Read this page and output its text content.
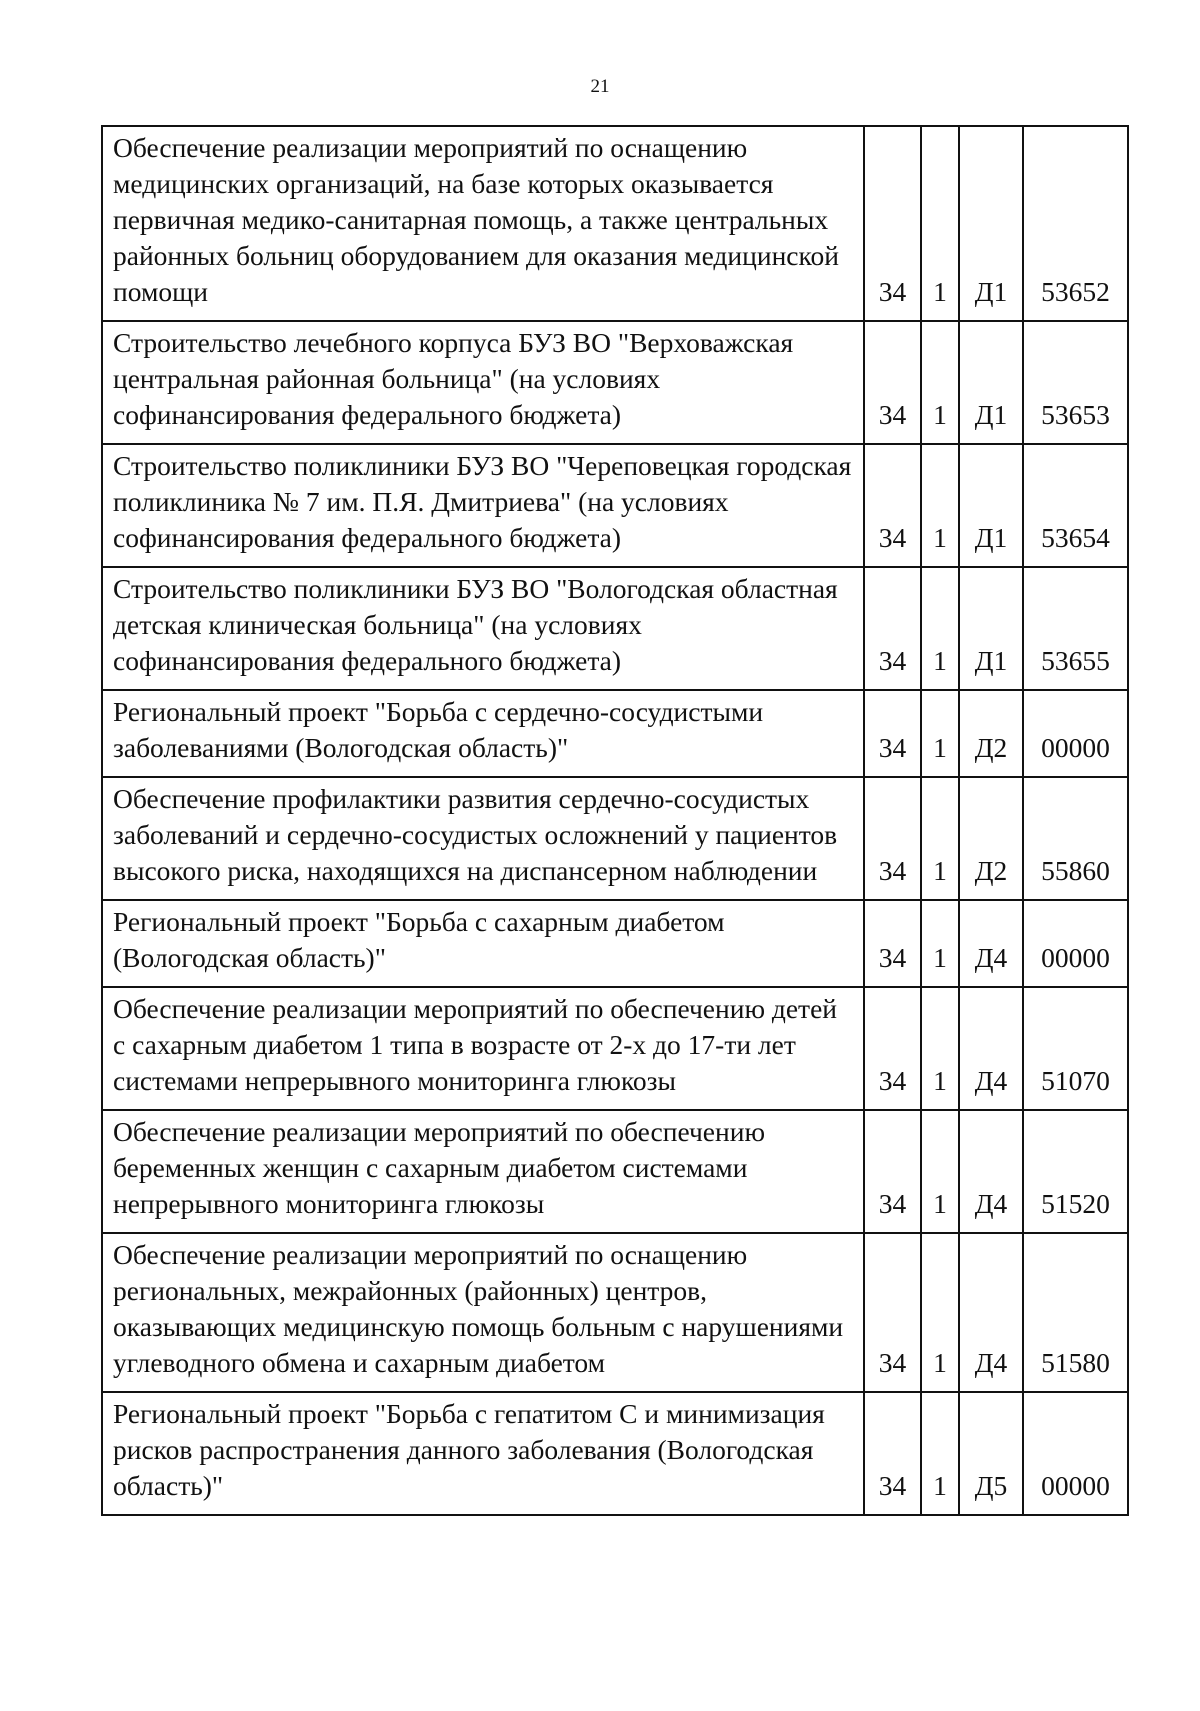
21
Обеспечение реализации мероприятий по оснащению медицинских организаций, на базе которых оказывается первичная медико-санитарная помощь, а также центральных районных больниц оборудованием для оказания медицинской помощи	34	1	Д1	53652
Строительство лечебного корпуса БУЗ ВО "Верховажская центральная районная больница" (на условиях софинансирования федерального бюджета)	34	1	Д1	53653
Строительство поликлиники БУЗ ВО "Череповецкая городская поликлиника № 7 им. П.Я. Дмитриева" (на условиях софинансирования федерального бюджета)	34	1	Д1	53654
Строительство поликлиники БУЗ ВО "Вологодская областная детская клиническая больница" (на условиях софинансирования федерального бюджета)	34	1	Д1	53655
Региональный проект "Борьба с сердечно-сосудистыми заболеваниями (Вологодская область)"	34	1	Д2	00000
Обеспечение профилактики развития сердечно-сосудистых заболеваний и сердечно-сосудистых осложнений у пациентов высокого риска, находящихся на диспансерном наблюдении	34	1	Д2	55860
Региональный проект "Борьба с сахарным диабетом (Вологодская область)"	34	1	Д4	00000
Обеспечение реализации мероприятий по обеспечению детей с сахарным диабетом 1 типа в возрасте от 2-х до 17-ти лет системами непрерывного мониторинга глюкозы	34	1	Д4	51070
Обеспечение реализации мероприятий по обеспечению беременных женщин с сахарным диабетом системами непрерывного мониторинга глюкозы	34	1	Д4	51520
Обеспечение реализации мероприятий по оснащению региональных, межрайонных (районных) центров, оказывающих медицинскую помощь больным с нарушениями углеводного обмена и сахарным диабетом	34	1	Д4	51580
Региональный проект "Борьба с гепатитом С и минимизация рисков распространения данного заболевания (Вологодская область)"	34	1	Д5	00000
